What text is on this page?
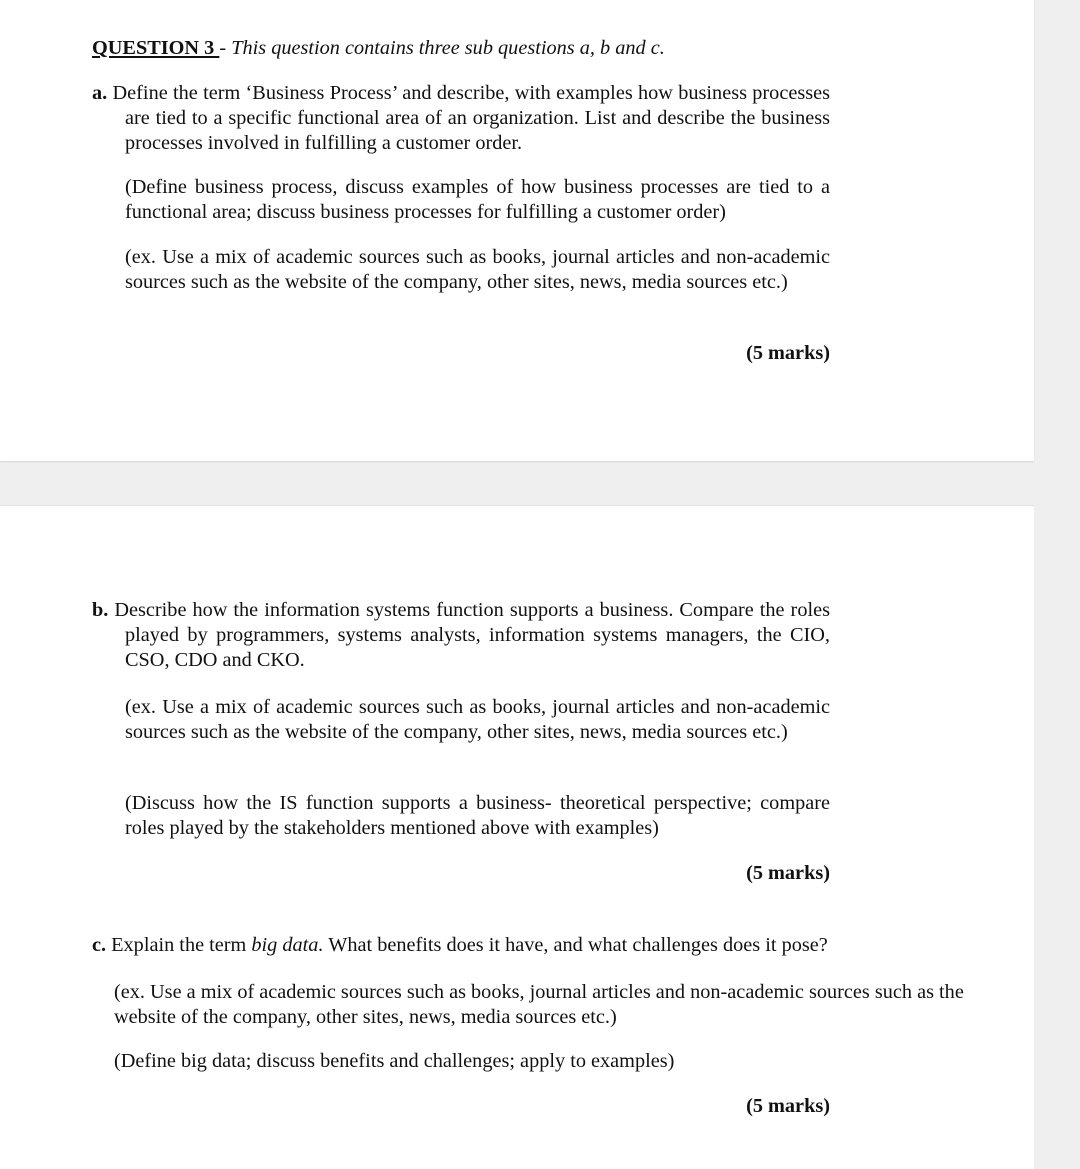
QUESTION 3 - This question contains three sub questions a, b and c.

a. Define the term ‘Business Process’ and describe, with examples how business processes are tied to a specific functional area of an organization. List and describe the business processes involved in fulfilling a customer order.

(Define business process, discuss examples of how business processes are tied to a functional area; discuss business processes for fulfilling a customer order)

(ex. Use a mix of academic sources such as books, journal articles and non-academic sources such as the website of the company, other sites, news, media sources etc.)

(5 marks)

b. Describe how the information systems function supports a business. Compare the roles played by programmers, systems analysts, information systems managers, the CIO, CSO, CDO and CKO.

(ex. Use a mix of academic sources such as books, journal articles and non-academic sources such as the website of the company, other sites, news, media sources etc.)

(Discuss how the IS function supports a business- theoretical perspective; compare roles played by the stakeholders mentioned above with examples)

(5 marks)

c. Explain the term big data. What benefits does it have, and what challenges does it pose?

(ex. Use a mix of academic sources such as books, journal articles and non-academic sources such as the website of the company, other sites, news, media sources etc.)

(Define big data; discuss benefits and challenges; apply to examples)

(5 marks)
